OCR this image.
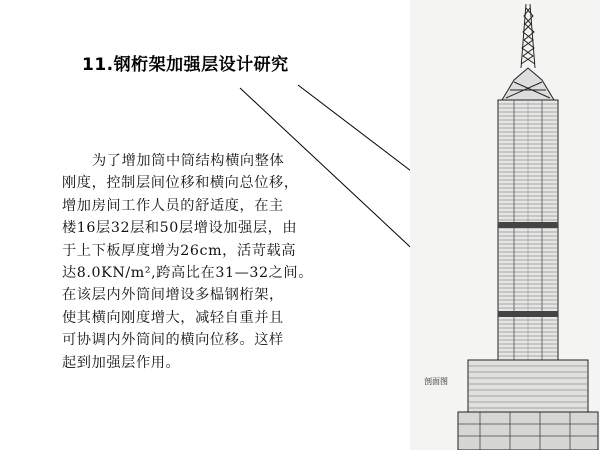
11.钢桁架加强层设计研究
为了增加筒中筒结构横向整体
刚度，控制层间位移和横向总位移，
增加房间工作人员的舒适度，在主
楼16层32层和50层增设加强层，由
于上下板厚度增为26cm，活苛载高
达8.0KN/m²,跨高比在31—32之间。
在该层内外筒间增设多榀钢桁架，
使其横向刚度增大，减轻自重并且
可协调内外筒间的横向位移。这样
起到加强层作用。
剖面图
